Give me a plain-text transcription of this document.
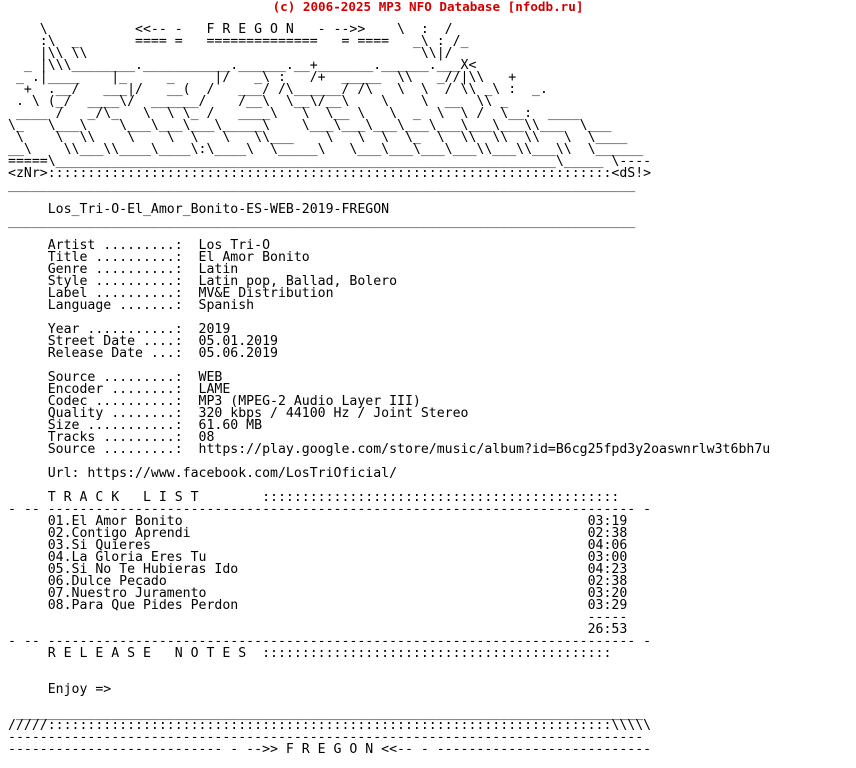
(c) 2006-2025 MP3 NFO Database [nfodb.ru]
\           <<-- -   F R E G O N   - -->>    \  :  /
:\  _       ==== =   ==============   = ====   _\ : /_
|\\ \\                                          \\|/
_ |\\\________.___________.______.__+_______.______.___X<
_ .|____    |_     _     |/   _\ :   /+  _____  \\   _//|\\   +
+  .__/   ___|/   __(  /   ___/ /\______/ /\   \  \  / \\ _\ :  _.
. \ (_/  ____\/  ______/    /__\  \__\/__\    \    \  __  \\ _
____ /   _/\_   \  \ \_ /   ____\   \  \__ \   \  _  \  \ /  \__:  ____
\_   \___\    \___\___\___\_____\    \___\___\___\___\___\___\___\\___  \___
\    \  \\    \    \  \   \   \\___    \   \  \  \_  \  \\  \\  \\   \  \____
__\    \\___\\____\____\:\____\  \_____\   \___\___\___\___\\___\\___\\  \______
=====\_______________________________________________________________\_____ \----
<zNr>:::::::::::::::::::::::::::::::::::::::::::::::::::::::::::::::::::::::<dS!>
_______________________________________________________________________________

Los_Tri-O-El_Amor_Bonito-ES-WEB-2019-FREGON
_______________________________________________________________________________

Artist .........:  Los Tri-O
Title ..........:  El Amor Bonito
Genre ..........:  Latin
Style ..........:  Latin pop, Ballad, Bolero
Label ..........:  MV&E Distribution
Language .......:  Spanish

Year ...........:  2019
Street Date ....:  05.01.2019
Release Date ...:  05.06.2019

Source .........:  WEB
Encoder ........:  LAME
Codec ..........:  MP3 (MPEG-2 Audio Layer III)
Quality ........:  320 kbps / 44100 Hz / Joint Stereo
Size ...........:  61.60 MB
Tracks .........:  08
Source .........:  https://play.google.com/store/music/album?id=B6cg25fpd3y2oaswnrlw3t6bh7u

Url: https://www.facebook.com/LosTriOficial/

T R A C K   L I S T        :::::::::::::::::::::::::::::::::::::::::::::
- -- -------------------------------------------------------------------------- -
01.El Amor Bonito                                                   03:19
02.Contigo Aprendi                                                  02:38
03.Si Quieres                                                       04:06
04.La Gloria Eres Tu                                                03:00
05.Si No Te Hubieras Ido                                            04:23
06.Dulce Pecado                                                     02:38
07.Nuestro Juramento                                                03:20
08.Para Que Pides Perdon                                            03:29
-----
26:53
- -- -------------------------------------------------------------------------- -
R E L E A S E   N O T E S  ::::::::::::::::::::::::::::::::::::::::::::

Enjoy =>

_______________________________________________________________________________
/////:::::::::::::::::::::::::::::::::::::::::::::::::::::::::::::::::::::::\\\\\
--------------------------------------------------------------------------------
--------------------------- - -->> F R E G O N <<-- - ---------------------------
